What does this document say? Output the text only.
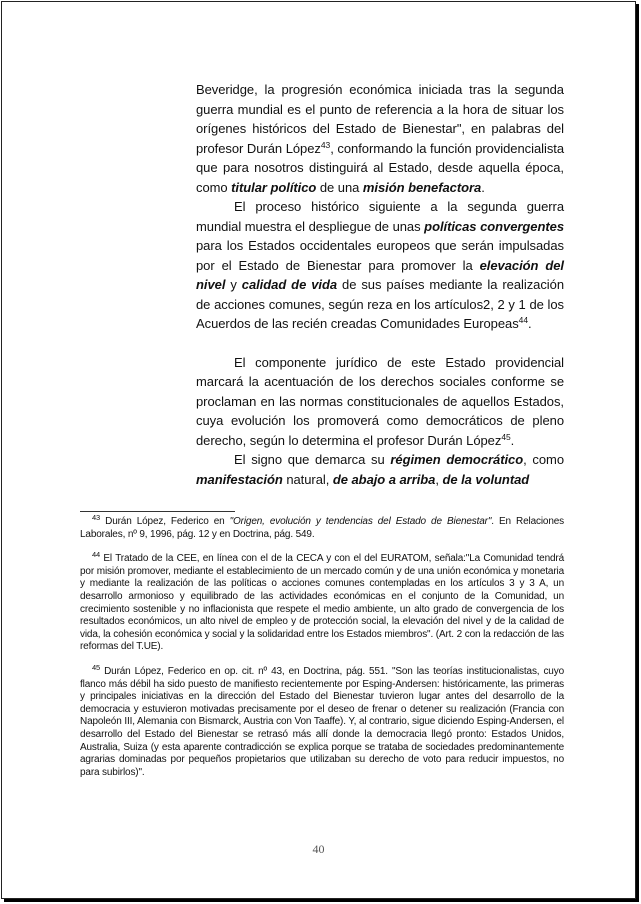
Beveridge, la progresión económica iniciada tras la segunda guerra mundial es el punto de referencia a la hora de situar los orígenes históricos del Estado de Bienestar", en palabras del profesor Durán López$^{43}$, conformando la función providencialista que para nosotros distinguirá al Estado, desde aquella época, como titular político de una misión benefactora.

El proceso histórico siguiente a la segunda guerra mundial muestra el despliegue de unas políticas convergentes para los Estados occidentales europeos que serán impulsadas por el Estado de Bienestar para promover la elevación del nivel y calidad de vida de sus países mediante la realización de acciones comunes, según reza en los artículos2, 2 y 1 de los Acuerdos de las recién creadas Comunidades Europeas$^{44}$.

El componente jurídico de este Estado providencial marcará la acentuación de los derechos sociales conforme se proclaman en las normas constitucionales de aquellos Estados, cuya evolución los promoverá como democráticos de pleno derecho, según lo determina el profesor Durán López$^{45}$.

El signo que demarca su régimen democrático, como manifestación natural, de abajo a arriba, de la voluntad

$^{43}$ Durán López, Federico en "Origen, evolución y tendencias del Estado de Bienestar". En Relaciones Laborales, nº 9, 1996, pág. 12 y en Doctrina, pág. 549.

$^{44}$ El Tratado de la CEE, en línea con el de la CECA y con el del EURATOM, señala:"La Comunidad tendrá por misión promover, mediante el establecimiento de un mercado común y de una unión económica y monetaria y mediante la realización de las políticas o acciones comunes contempladas en los artículos 3 y 3 A, un desarrollo armonioso y equilibrado de las actividades económicas en el conjunto de la Comunidad, un crecimiento sostenible y no inflacionista que respete el medio ambiente, un alto grado de convergencia de los resultados económicos, un alto nivel de empleo y de protección social, la elevación del nivel y de la calidad de vida, la cohesión económica y social y la solidaridad entre los Estados miembros". (Art. 2 con la redacción de las reformas del T.UE).

$^{45}$ Durán López, Federico en op. cit. nº 43, en Doctrina, pág. 551. "Son las teorías institucionalistas, cuyo flanco más débil ha sido puesto de manifiesto recientemente por Esping-Andersen: históricamente, las primeras y principales iniciativas en la dirección del Estado del Bienestar tuvieron lugar antes del desarrollo de la democracia y estuvieron motivadas precisamente por el deseo de frenar o detener su realización (Francia con Napoleón III, Alemania con Bismarck, Austria con Von Taaffe). Y, al contrario, sigue diciendo Esping-Andersen, el desarrollo del Estado del Bienestar se retrasó más allí donde la democracia llegó pronto: Estados Unidos, Australia, Suiza (y esta aparente contradicción se explica porque se trataba de sociedades predominantemente agrarias dominadas por pequeños propietarios que utilizaban su derecho de voto para reducir impuestos, no para subirlos)".

40
